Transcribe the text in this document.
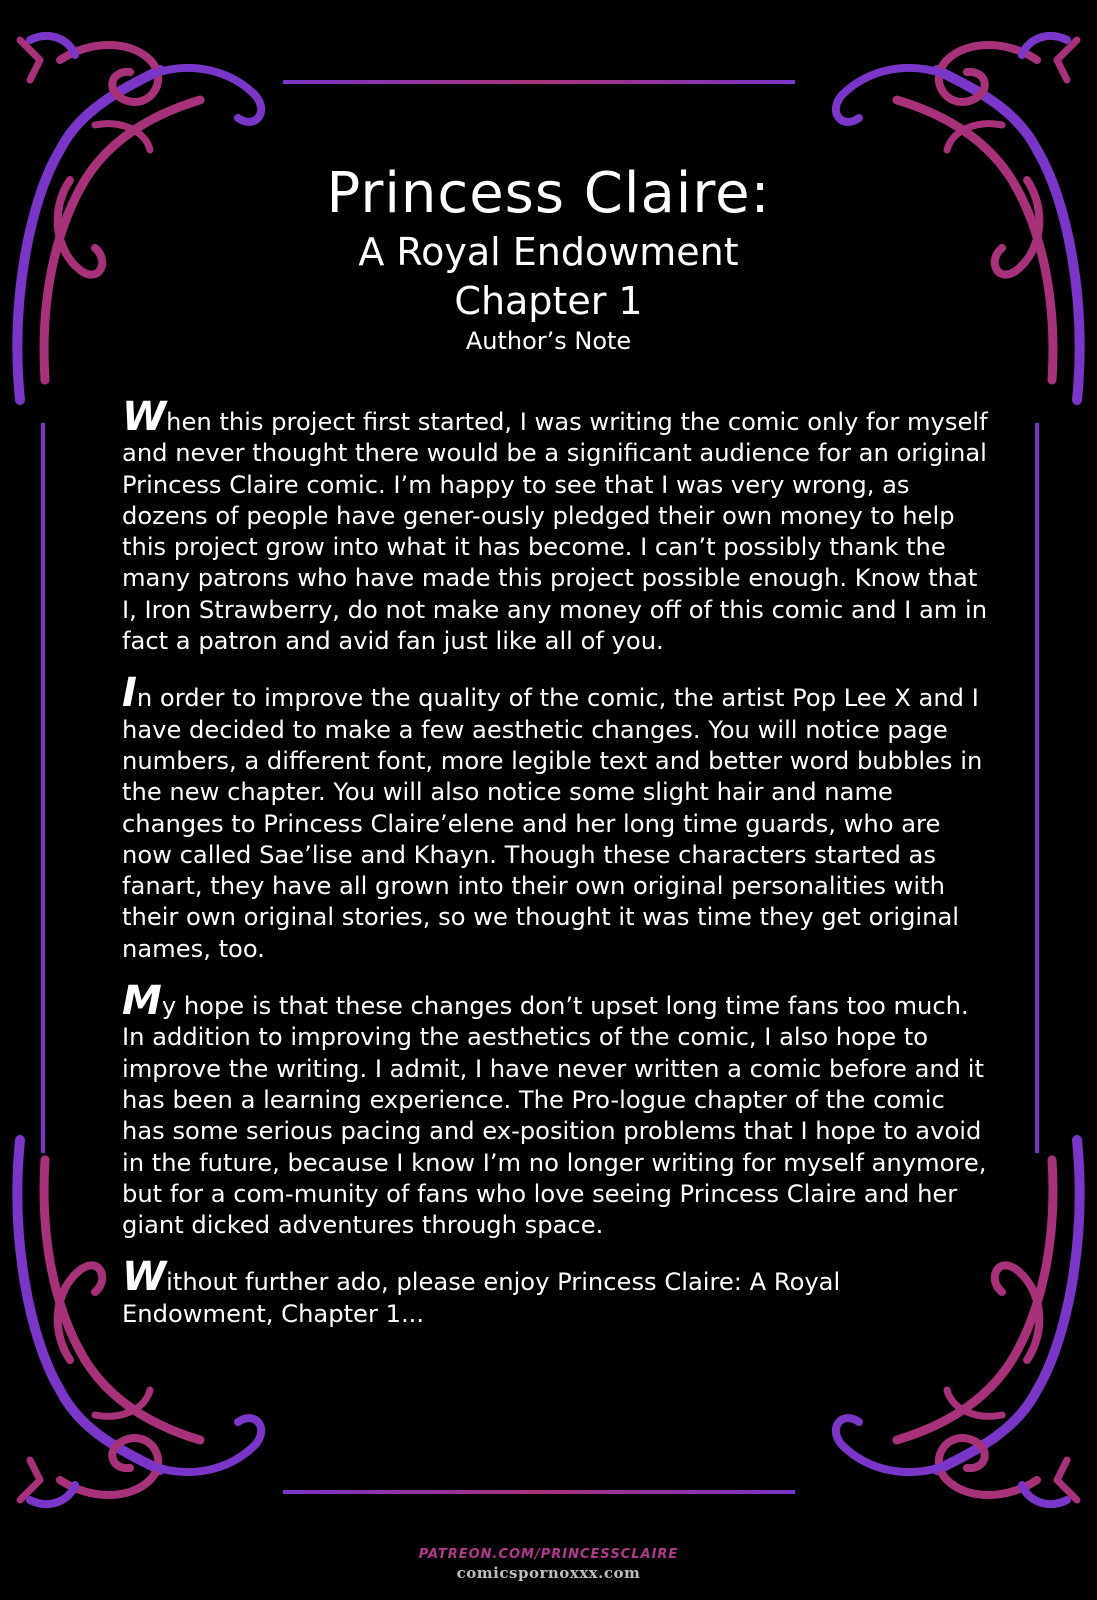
Princess Claire:

A Royal Endowment

Chapter 1

Author’s Note

When this project first started, I was writing the comic only for myself and never thought there would be a significant audience for an original Princess Claire comic. I’m happy to see that I was very wrong, as dozens of people have gener-ously pledged their own money to help this project grow into what it has become. I can’t possibly thank the many patrons who have made this project possible enough. Know that I, Iron Strawberry, do not make any money off of this comic and I am in fact a patron and avid fan just like all of you.

In order to improve the quality of the comic, the artist Pop Lee X and I have decided to make a few aesthetic changes. You will notice page numbers, a different font, more legible text and better word bubbles in the new chapter. You will also notice some slight hair and name changes to Princess Claire’elene and her long time guards, who are now called Sae’lise and Khayn. Though these characters started as fanart, they have all grown into their own original personalities with their own original stories, so we thought it was time they get original names, too.

My hope is that these changes don’t upset long time fans too much. In addition to improving the aesthetics of the comic, I also hope to improve the writing. I admit, I have never written a comic before and it has been a learning experience. The Pro-logue chapter of the comic has some serious pacing and ex-position problems that I hope to avoid in the future, because I know I’m no longer writing for myself anymore, but for a com-munity of fans who love seeing Princess Claire and her giant dicked adventures through space.

Without further ado, please enjoy Princess Claire: A Royal Endowment, Chapter 1...

PATREON.COM/PRINCESSCLAIRE
comicspornoxxx.com
